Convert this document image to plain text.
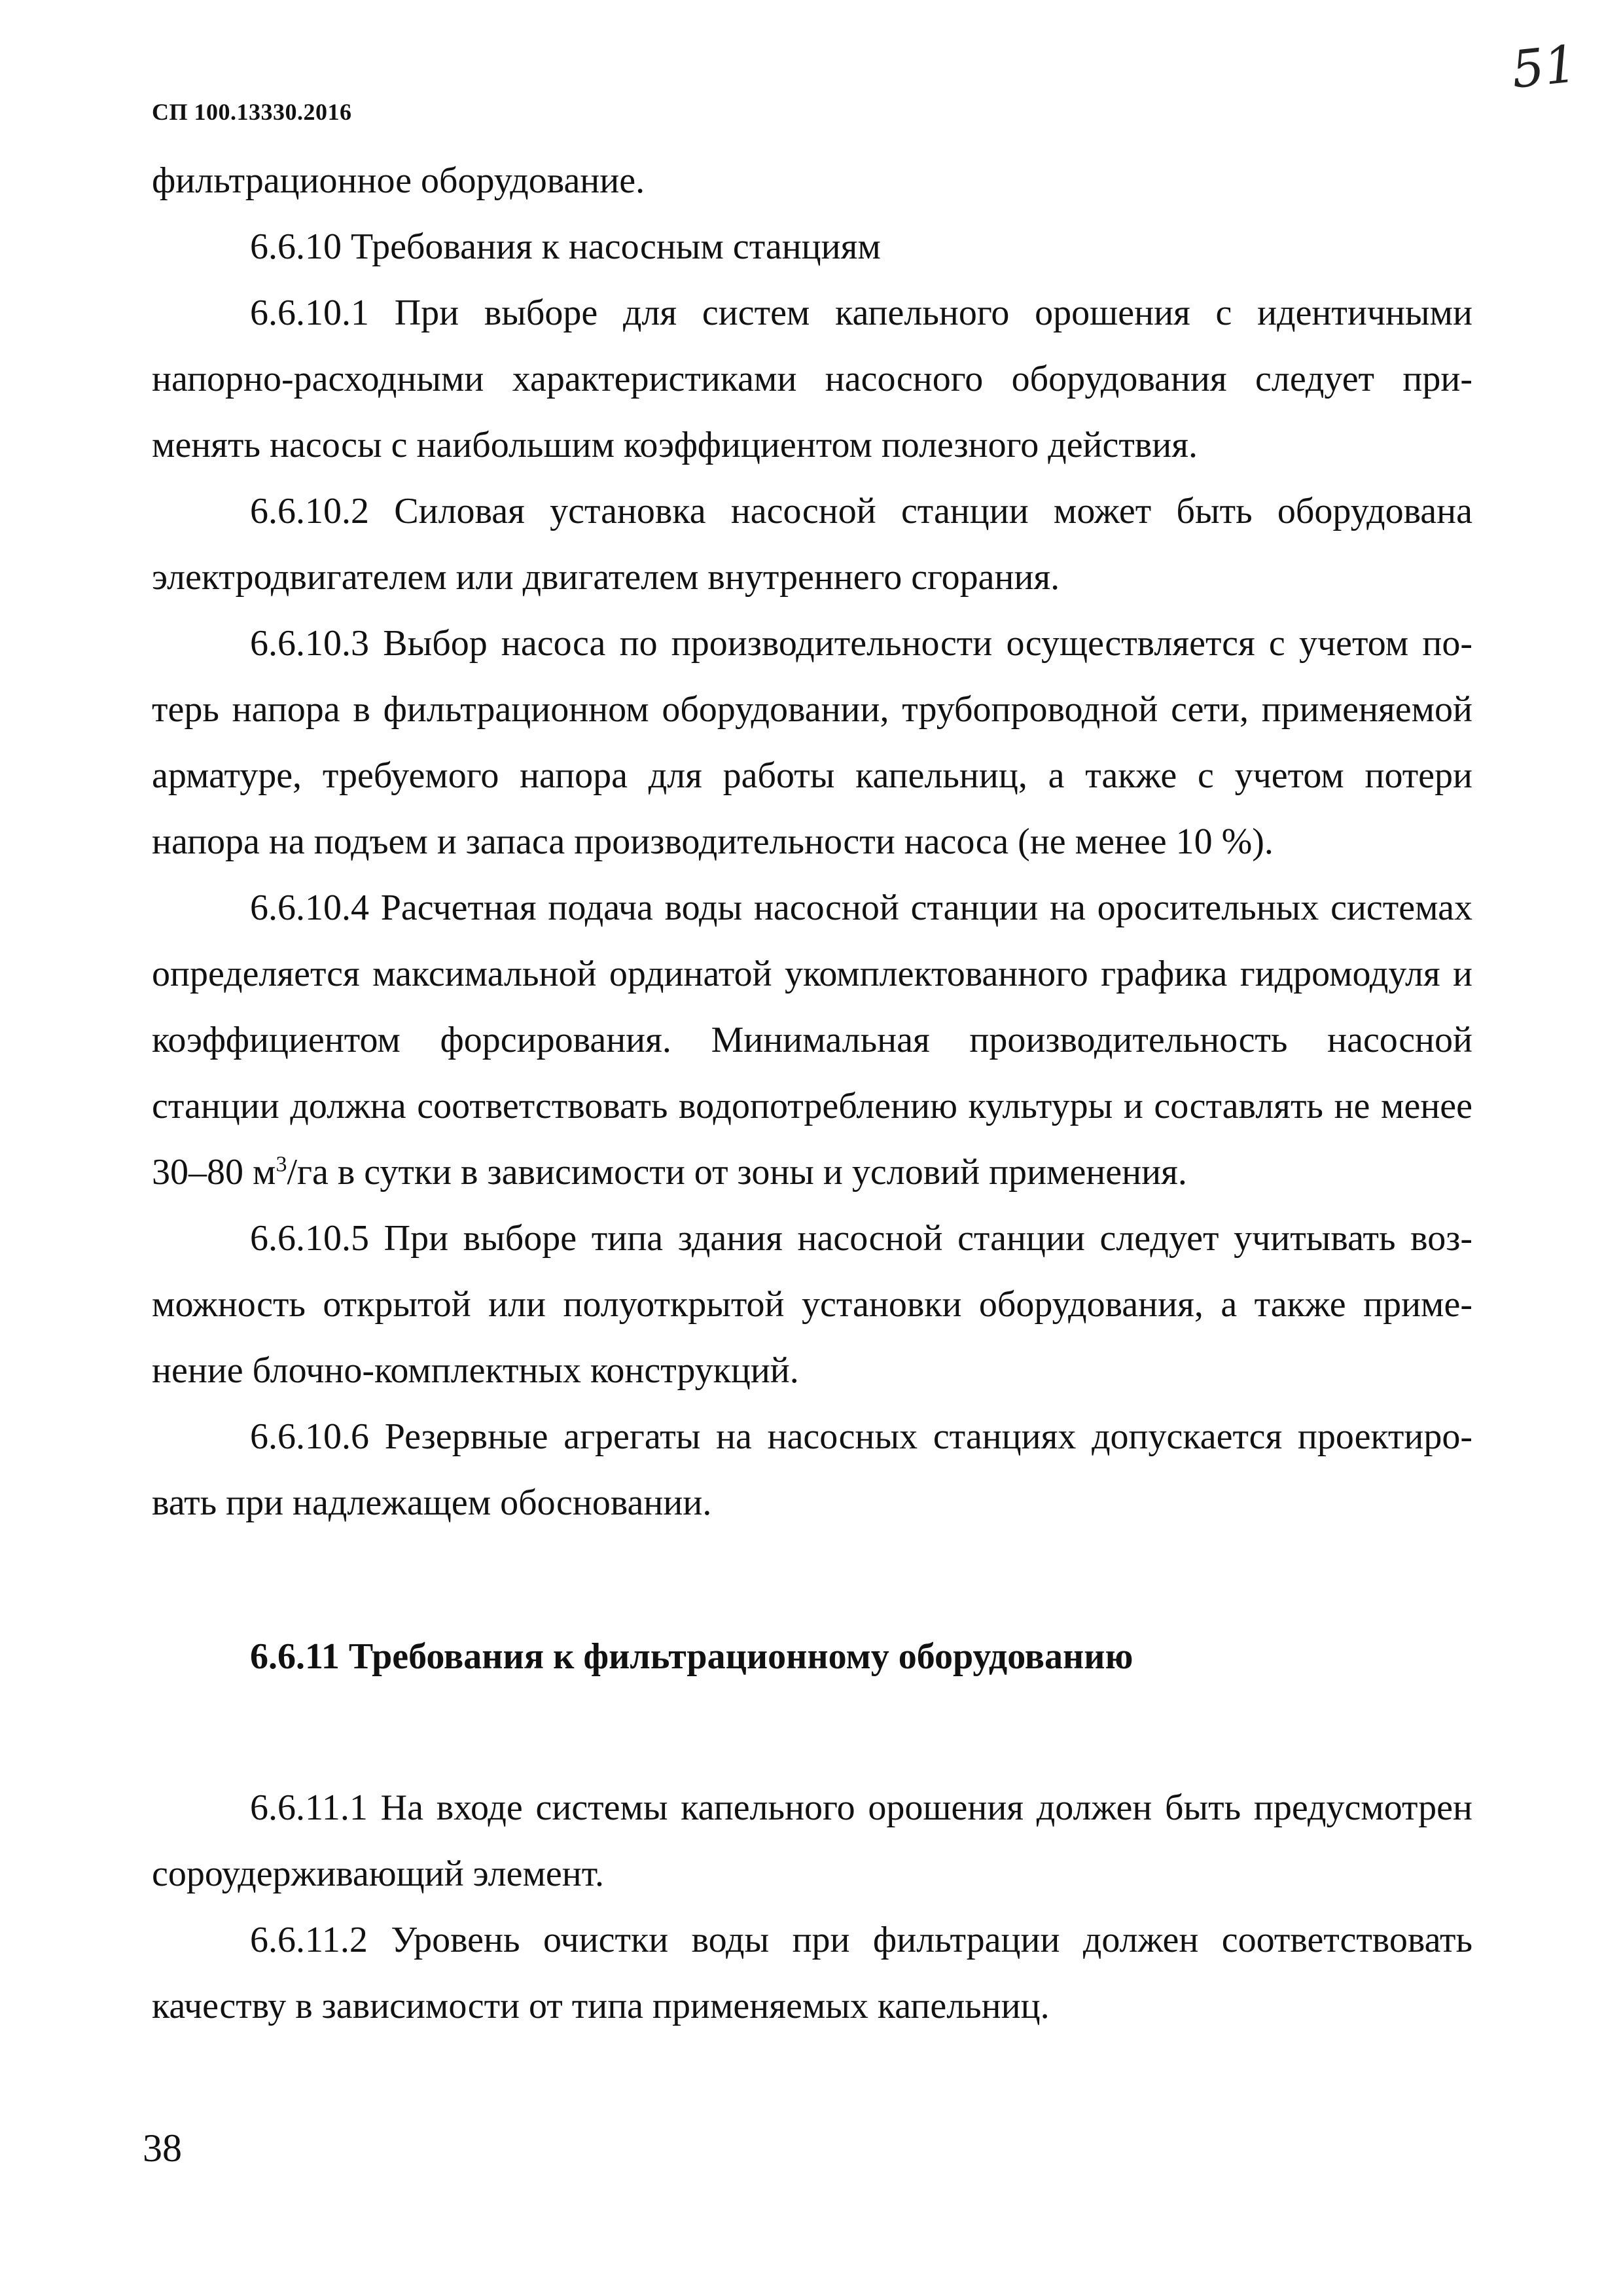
51
СП 100.13330.2016

фильтрационное оборудование.

6.6.10 Требования к насосным станциям

6.6.10.1 При выборе для систем капельного орошения с идентичными напорно-расходными характеристиками насосного оборудования следует применять насосы с наибольшим коэффициентом полезного действия.

6.6.10.2 Силовая установка насосной станции может быть оборудована электродвигателем или двигателем внутреннего сгорания.

6.6.10.3 Выбор насоса по производительности осуществляется с учетом потерь напора в фильтрационном оборудовании, трубопроводной сети, применяемой арматуре, требуемого напора для работы капельниц, а также с учетом потери напора на подъем и запаса производительности насоса (не менее 10 %).

6.6.10.4 Расчетная подача воды насосной станции на оросительных системах определяется максимальной ординатой укомплектованного графика гидромодуля и коэффициентом форсирования. Минимальная производительность насосной станции должна соответствовать водопотреблению культуры и составлять не менее 30–80 $м^3/га$ в сутки в зависимости от зоны и условий применения.

6.6.10.5 При выборе типа здания насосной станции следует учитывать возможность открытой или полуоткрытой установки оборудования, а также применение блочно-комплектных конструкций.

6.6.10.6 Резервные агрегаты на насосных станциях допускается проектировать при надлежащем обосновании.

6.6.11 Требования к фильтрационному оборудованию

6.6.11.1 На входе системы капельного орошения должен быть предусмотрен сороудерживающий элемент.

6.6.11.2 Уровень очистки воды при фильтрации должен соответствовать качеству в зависимости от типа применяемых капельниц.

38
